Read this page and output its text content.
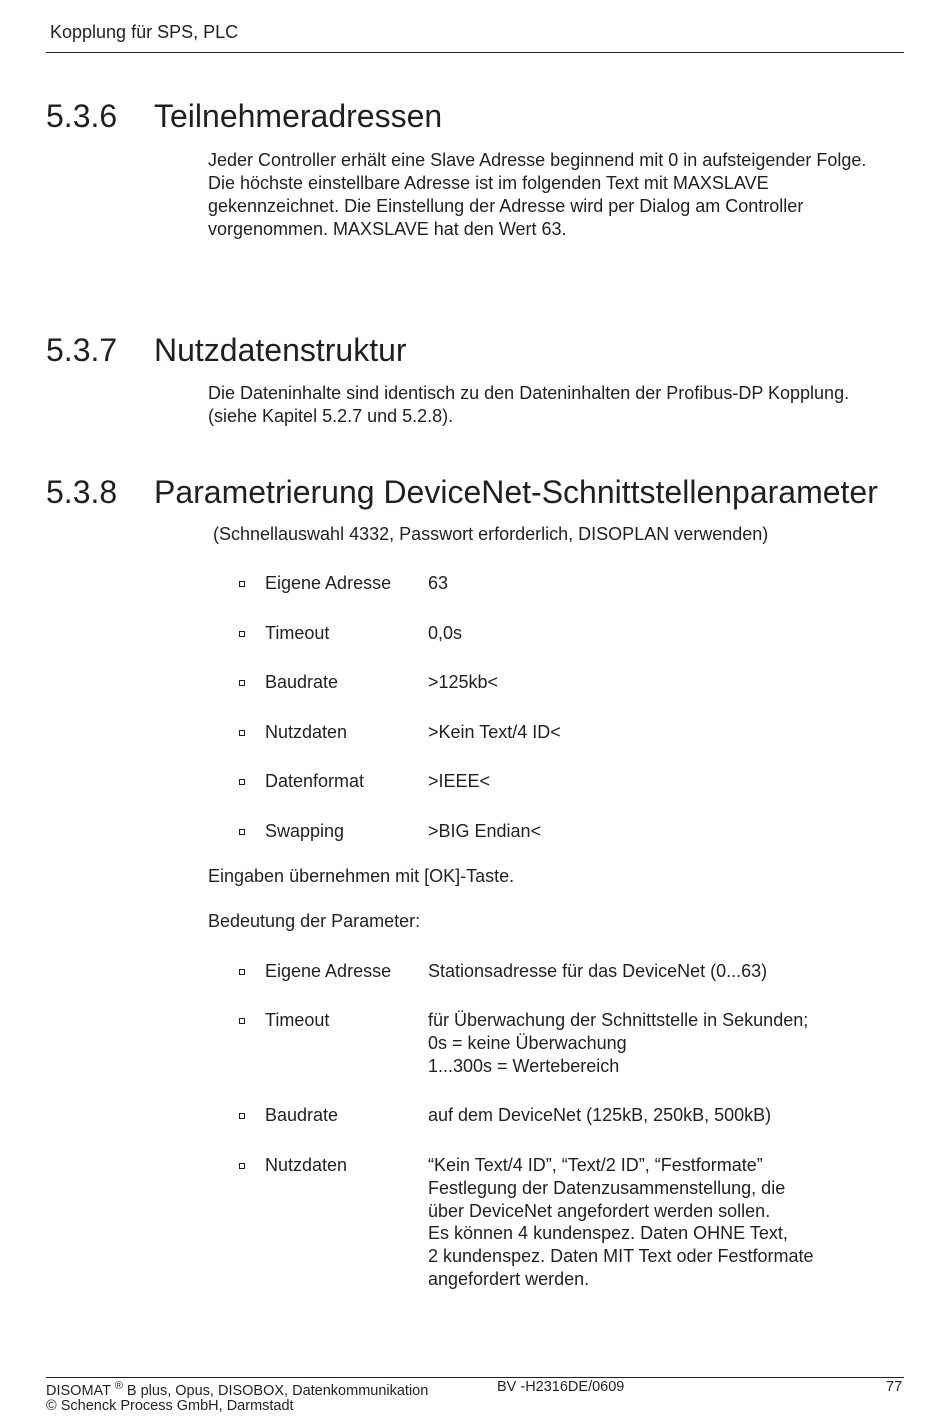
Kopplung für SPS, PLC
5.3.6 Teilnehmeradressen
Jeder Controller erhält eine Slave Adresse beginnend mit 0 in aufsteigender Folge.
Die höchste einstellbare Adresse ist im folgenden Text mit MAXSLAVE
gekennzeichnet. Die Einstellung der Adresse wird per Dialog am Controller
vorgenommen. MAXSLAVE hat den Wert 63.
5.3.7 Nutzdatenstruktur
Die Dateninhalte sind identisch zu den Dateninhalten der Profibus-DP Kopplung.
(siehe Kapitel 5.2.7 und 5.2.8).
5.3.8 Parametrierung DeviceNet-Schnittstellenparameter
(Schnellauswahl 4332, Passwort erforderlich, DISOPLAN verwenden)
Eigene Adresse 63
Timeout	0,0s
Baudrate	>125kb<
Nutzdaten	>Kein Text/4 ID<
Datenformat	>IEEE<
Swapping	>BIG Endian<
Eingaben übernehmen mit [OK]-Taste.
Bedeutung der Parameter:
Eigene Adresse Stationsadresse für das DeviceNet (0...63)
Timeout	für Überwachung der Schnittstelle in Sekunden;
0s = keine Überwachung
1...300s = Wertebereich
Baudrate	auf dem DeviceNet (125kB, 250kB, 500kB)
Nutzdaten	“Kein Text/4 ID”, “Text/2 ID”, “Festformate”
Festlegung der Datenzusammenstellung, die
über DeviceNet angefordert werden sollen.
Es können 4 kundenspez. Daten OHNE Text,
2 kundenspez. Daten MIT Text oder Festformate
angefordert werden.
DISOMAT ® B plus, Opus, DISOBOX, Datenkommunikation	BV -H2316DE/0609	77
© Schenck Process GmbH, Darmstadt
